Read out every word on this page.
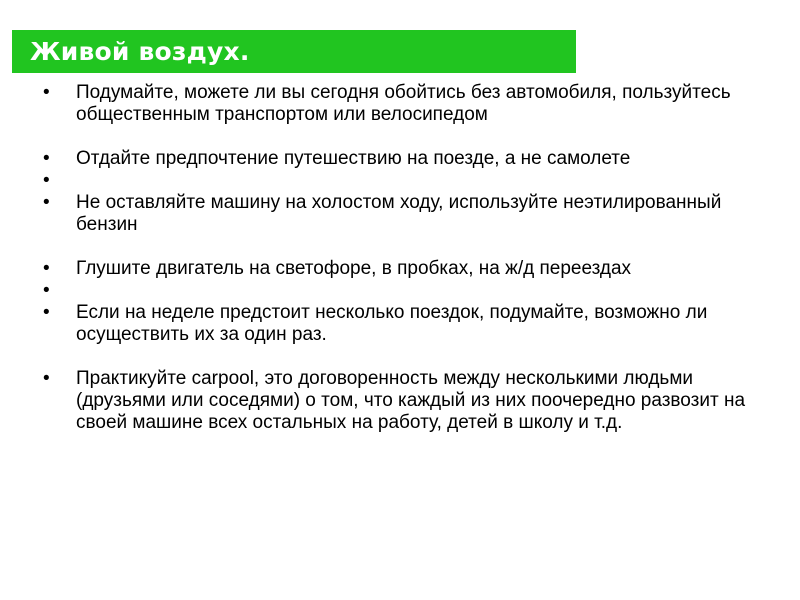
Живой воздух.
• Подумайте, можете ли вы сегодня обойтись без автомобиля, пользуйтесь общественным транспортом или велосипедом
• Отдайте предпочтение путешествию на поезде, а не самолете
•

• Не оставляйте машину на холостом ходу, используйте неэтилированный бензин
• Глушите двигатель на светофоре, в пробках, на ж/д переездах
•

• Если на неделе предстоит несколько поездок, подумайте, возможно ли осуществить их за один раз.
• Практикуйте carpool, это договоренность между несколькими людьми (друзьями или соседями) о том, что каждый из них поочередно развозит на своей машине всех остальных на работу, детей в школу и т.д.
